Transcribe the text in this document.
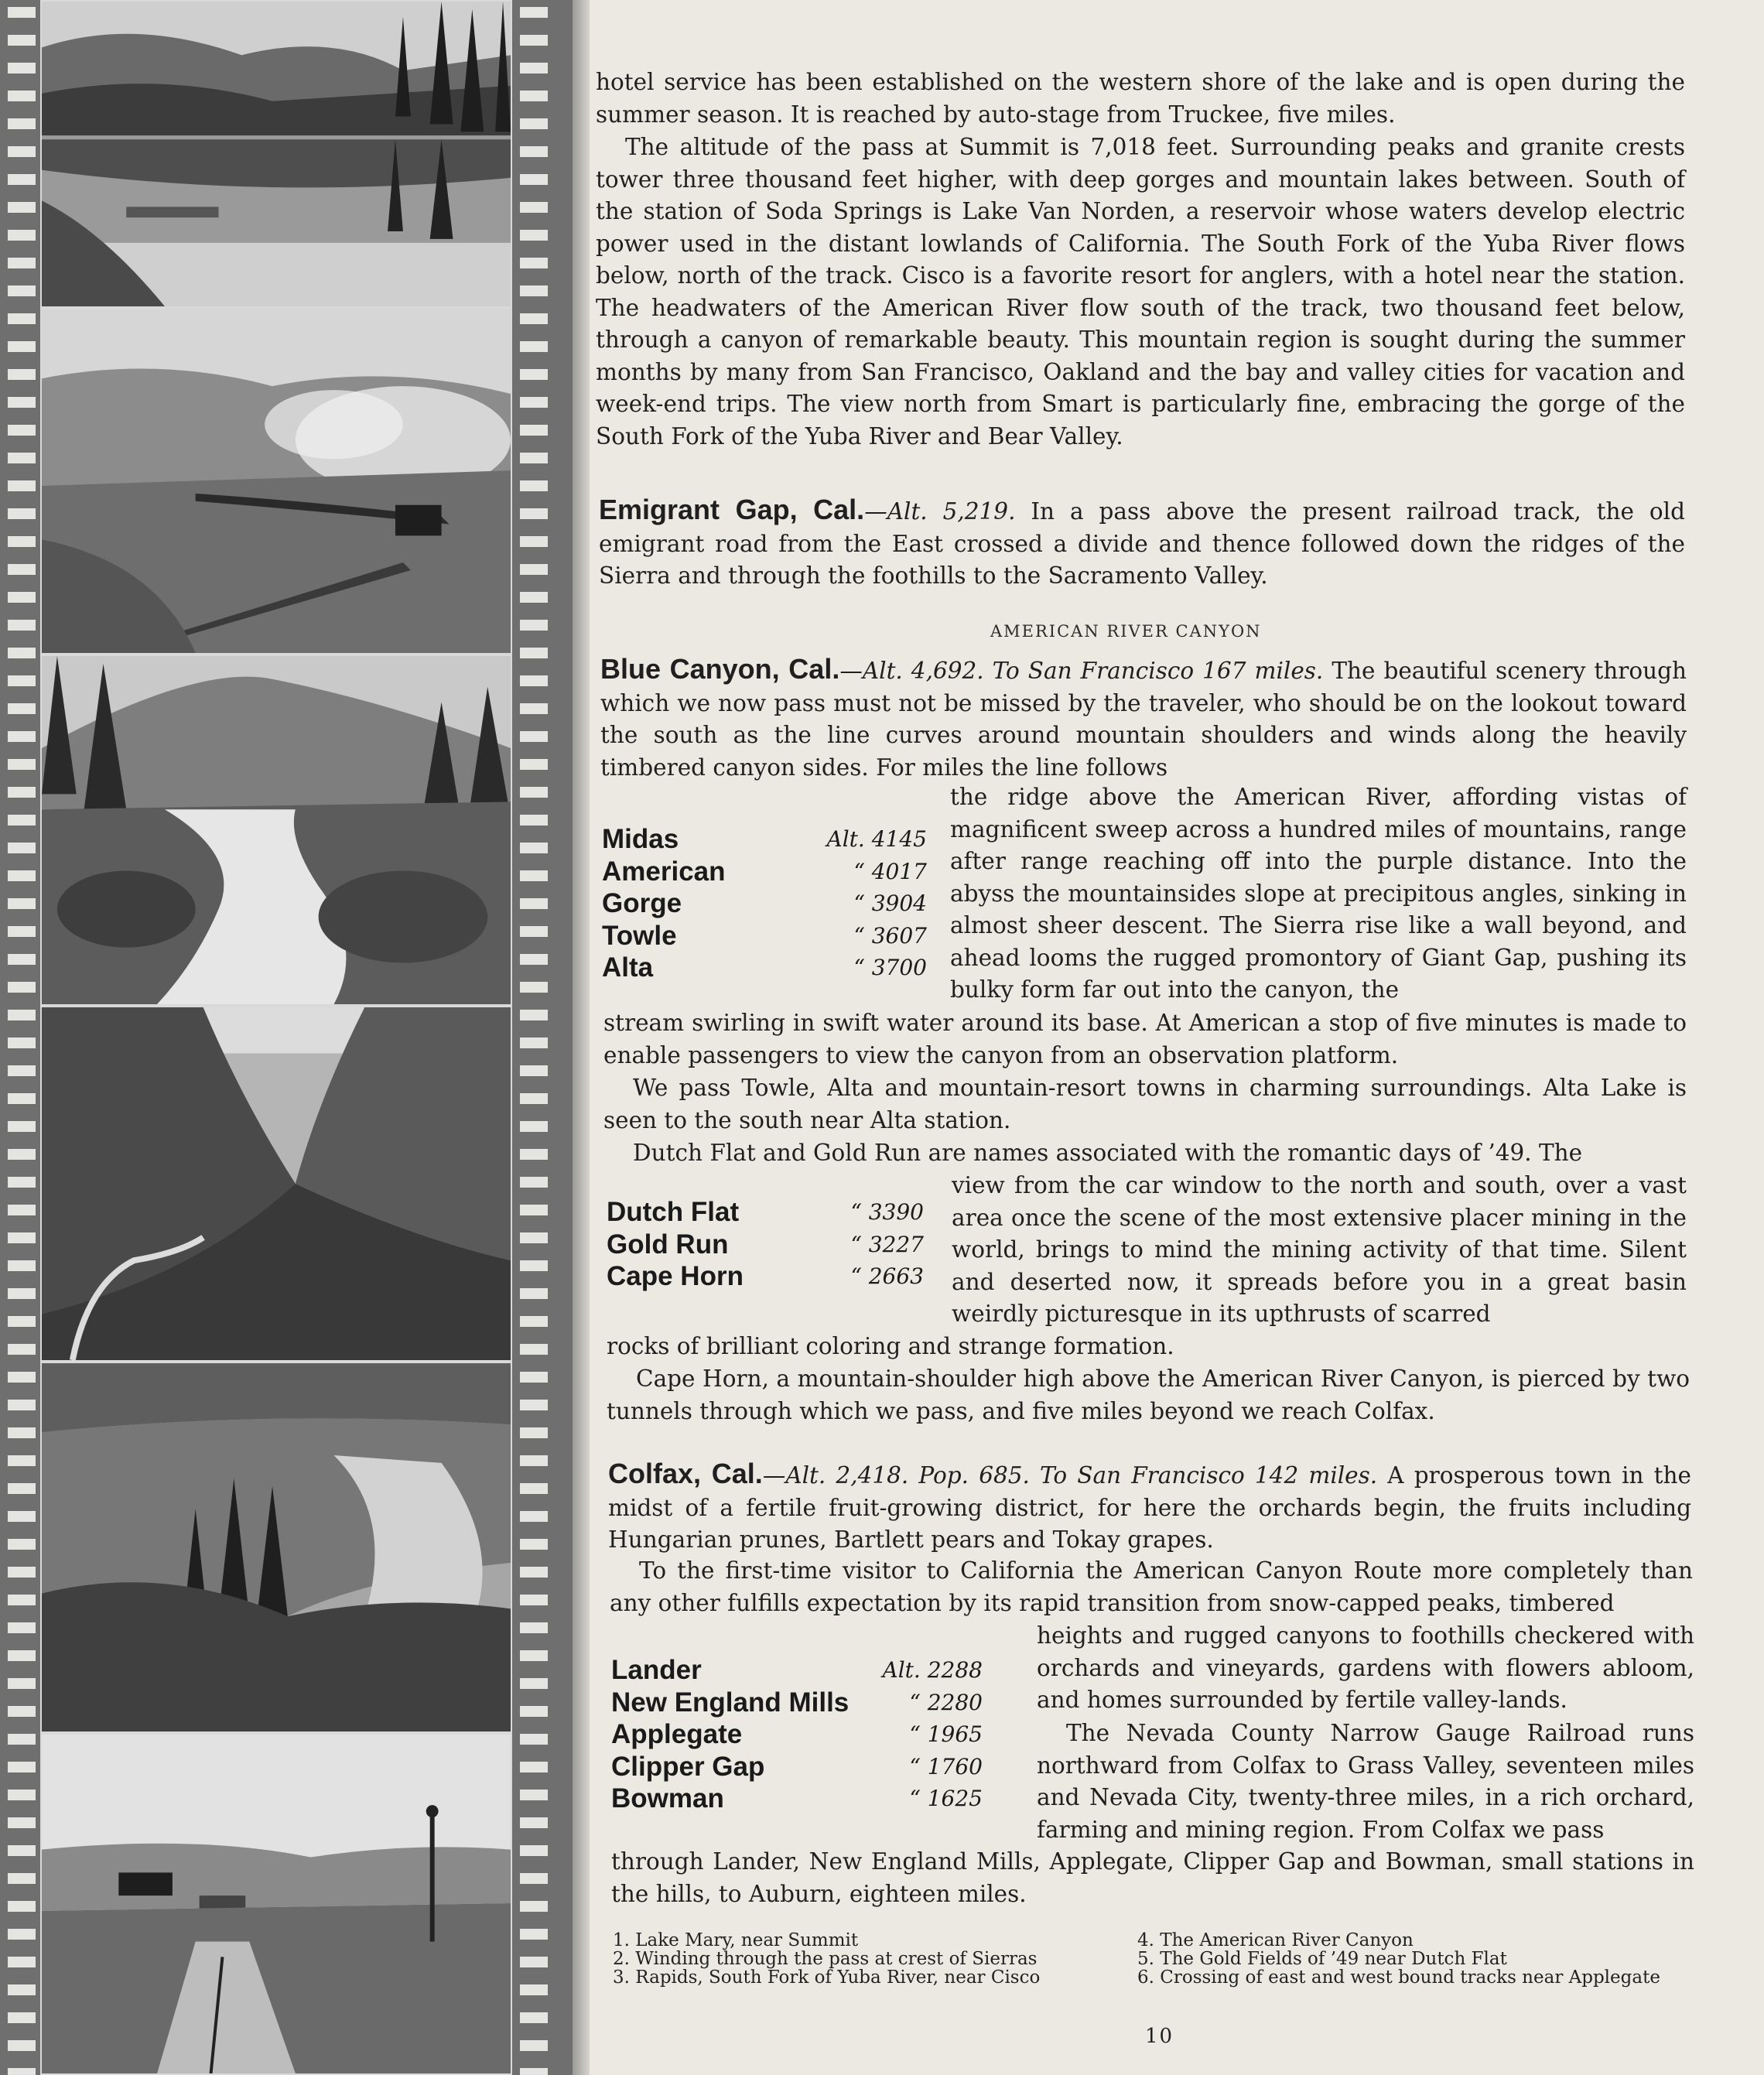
hotel service has been established on the western shore of the lake and is open during the summer season. It is reached by auto-stage from Truckee, five miles.

The altitude of the pass at Summit is 7,018 feet. Surrounding peaks and granite crests tower three thousand feet higher, with deep gorges and mountain lakes between. South of the station of Soda Springs is Lake Van Norden, a reservoir whose waters develop electric power used in the distant lowlands of California. The South Fork of the Yuba River flows below, north of the track. Cisco is a favorite resort for anglers, with a hotel near the station. The headwaters of the American River flow south of the track, two thousand feet below, through a canyon of remarkable beauty. This mountain region is sought during the summer months by many from San Francisco, Oakland and the bay and valley cities for vacation and week-end trips. The view north from Smart is particularly fine, embracing the gorge of the South Fork of the Yuba River and Bear Valley.

Emigrant Gap, Cal.—Alt. 5,219. In a pass above the present railroad track, the old emigrant road from the East crossed a divide and thence followed down the ridges of the Sierra and through the foothills to the Sacramento Valley.

AMERICAN RIVER CANYON

Blue Canyon, Cal.—Alt. 4,692. To San Francisco 167 miles. The beautiful scenery through which we now pass must not be missed by the traveler, who should be on the lookout toward the south as the line curves around mountain shoulders and winds along the heavily timbered canyon sides. For miles the line follows

Midas	Alt. 4145
American	“ 4017
Gorge	“ 3904
Towle	“ 3607
Alta	“ 3700

the ridge above the American River, affording vistas of magnificent sweep across a hundred miles of mountains, range after range reaching off into the purple distance. Into the abyss the mountainsides slope at precipitous angles, sinking in almost sheer descent. The Sierra rise like a wall beyond, and ahead looms the rugged promontory of Giant Gap, pushing its bulky form far out into the canyon, the

stream swirling in swift water around its base. At American a stop of five minutes is made to enable passengers to view the canyon from an observation platform.

We pass Towle, Alta and mountain-resort towns in charming surroundings. Alta Lake is seen to the south near Alta station.

Dutch Flat and Gold Run are names associated with the romantic days of ’49. The

Dutch Flat	“ 3390
Gold Run	“ 3227
Cape Horn	“ 2663

view from the car window to the north and south, over a vast area once the scene of the most extensive placer mining in the world, brings to mind the mining activity of that time. Silent and deserted now, it spreads before you in a great basin weirdly picturesque in its upthrusts of scarred

rocks of brilliant coloring and strange formation.

Cape Horn, a mountain-shoulder high above the American River Canyon, is pierced by two tunnels through which we pass, and five miles beyond we reach Colfax.

Colfax, Cal.—Alt. 2,418. Pop. 685. To San Francisco 142 miles. A prosperous town in the midst of a fertile fruit-growing district, for here the orchards begin, the fruits including Hungarian prunes, Bartlett pears and Tokay grapes.

To the first-time visitor to California the American Canyon Route more completely than any other fulfills expectation by its rapid transition from snow-capped peaks, timbered

Lander	Alt. 2288
New England Mills	“ 2280
Applegate	“ 1965
Clipper Gap	“ 1760
Bowman	“ 1625

heights and rugged canyons to foothills checkered with orchards and vineyards, gardens with flowers abloom, and homes surrounded by fertile valley-lands.

The Nevada County Narrow Gauge Railroad runs northward from Colfax to Grass Valley, seventeen miles and Nevada City, twenty-three miles, in a rich orchard, farming and mining region. From Colfax we pass

through Lander, New England Mills, Applegate, Clipper Gap and Bowman, small stations in the hills, to Auburn, eighteen miles.

1. Lake Mary, near Summit
2. Winding through the pass at crest of Sierras
3. Rapids, South Fork of Yuba River, near Cisco
4. The American River Canyon
5. The Gold Fields of ’49 near Dutch Flat
6. Crossing of east and west bound tracks near Applegate
10
